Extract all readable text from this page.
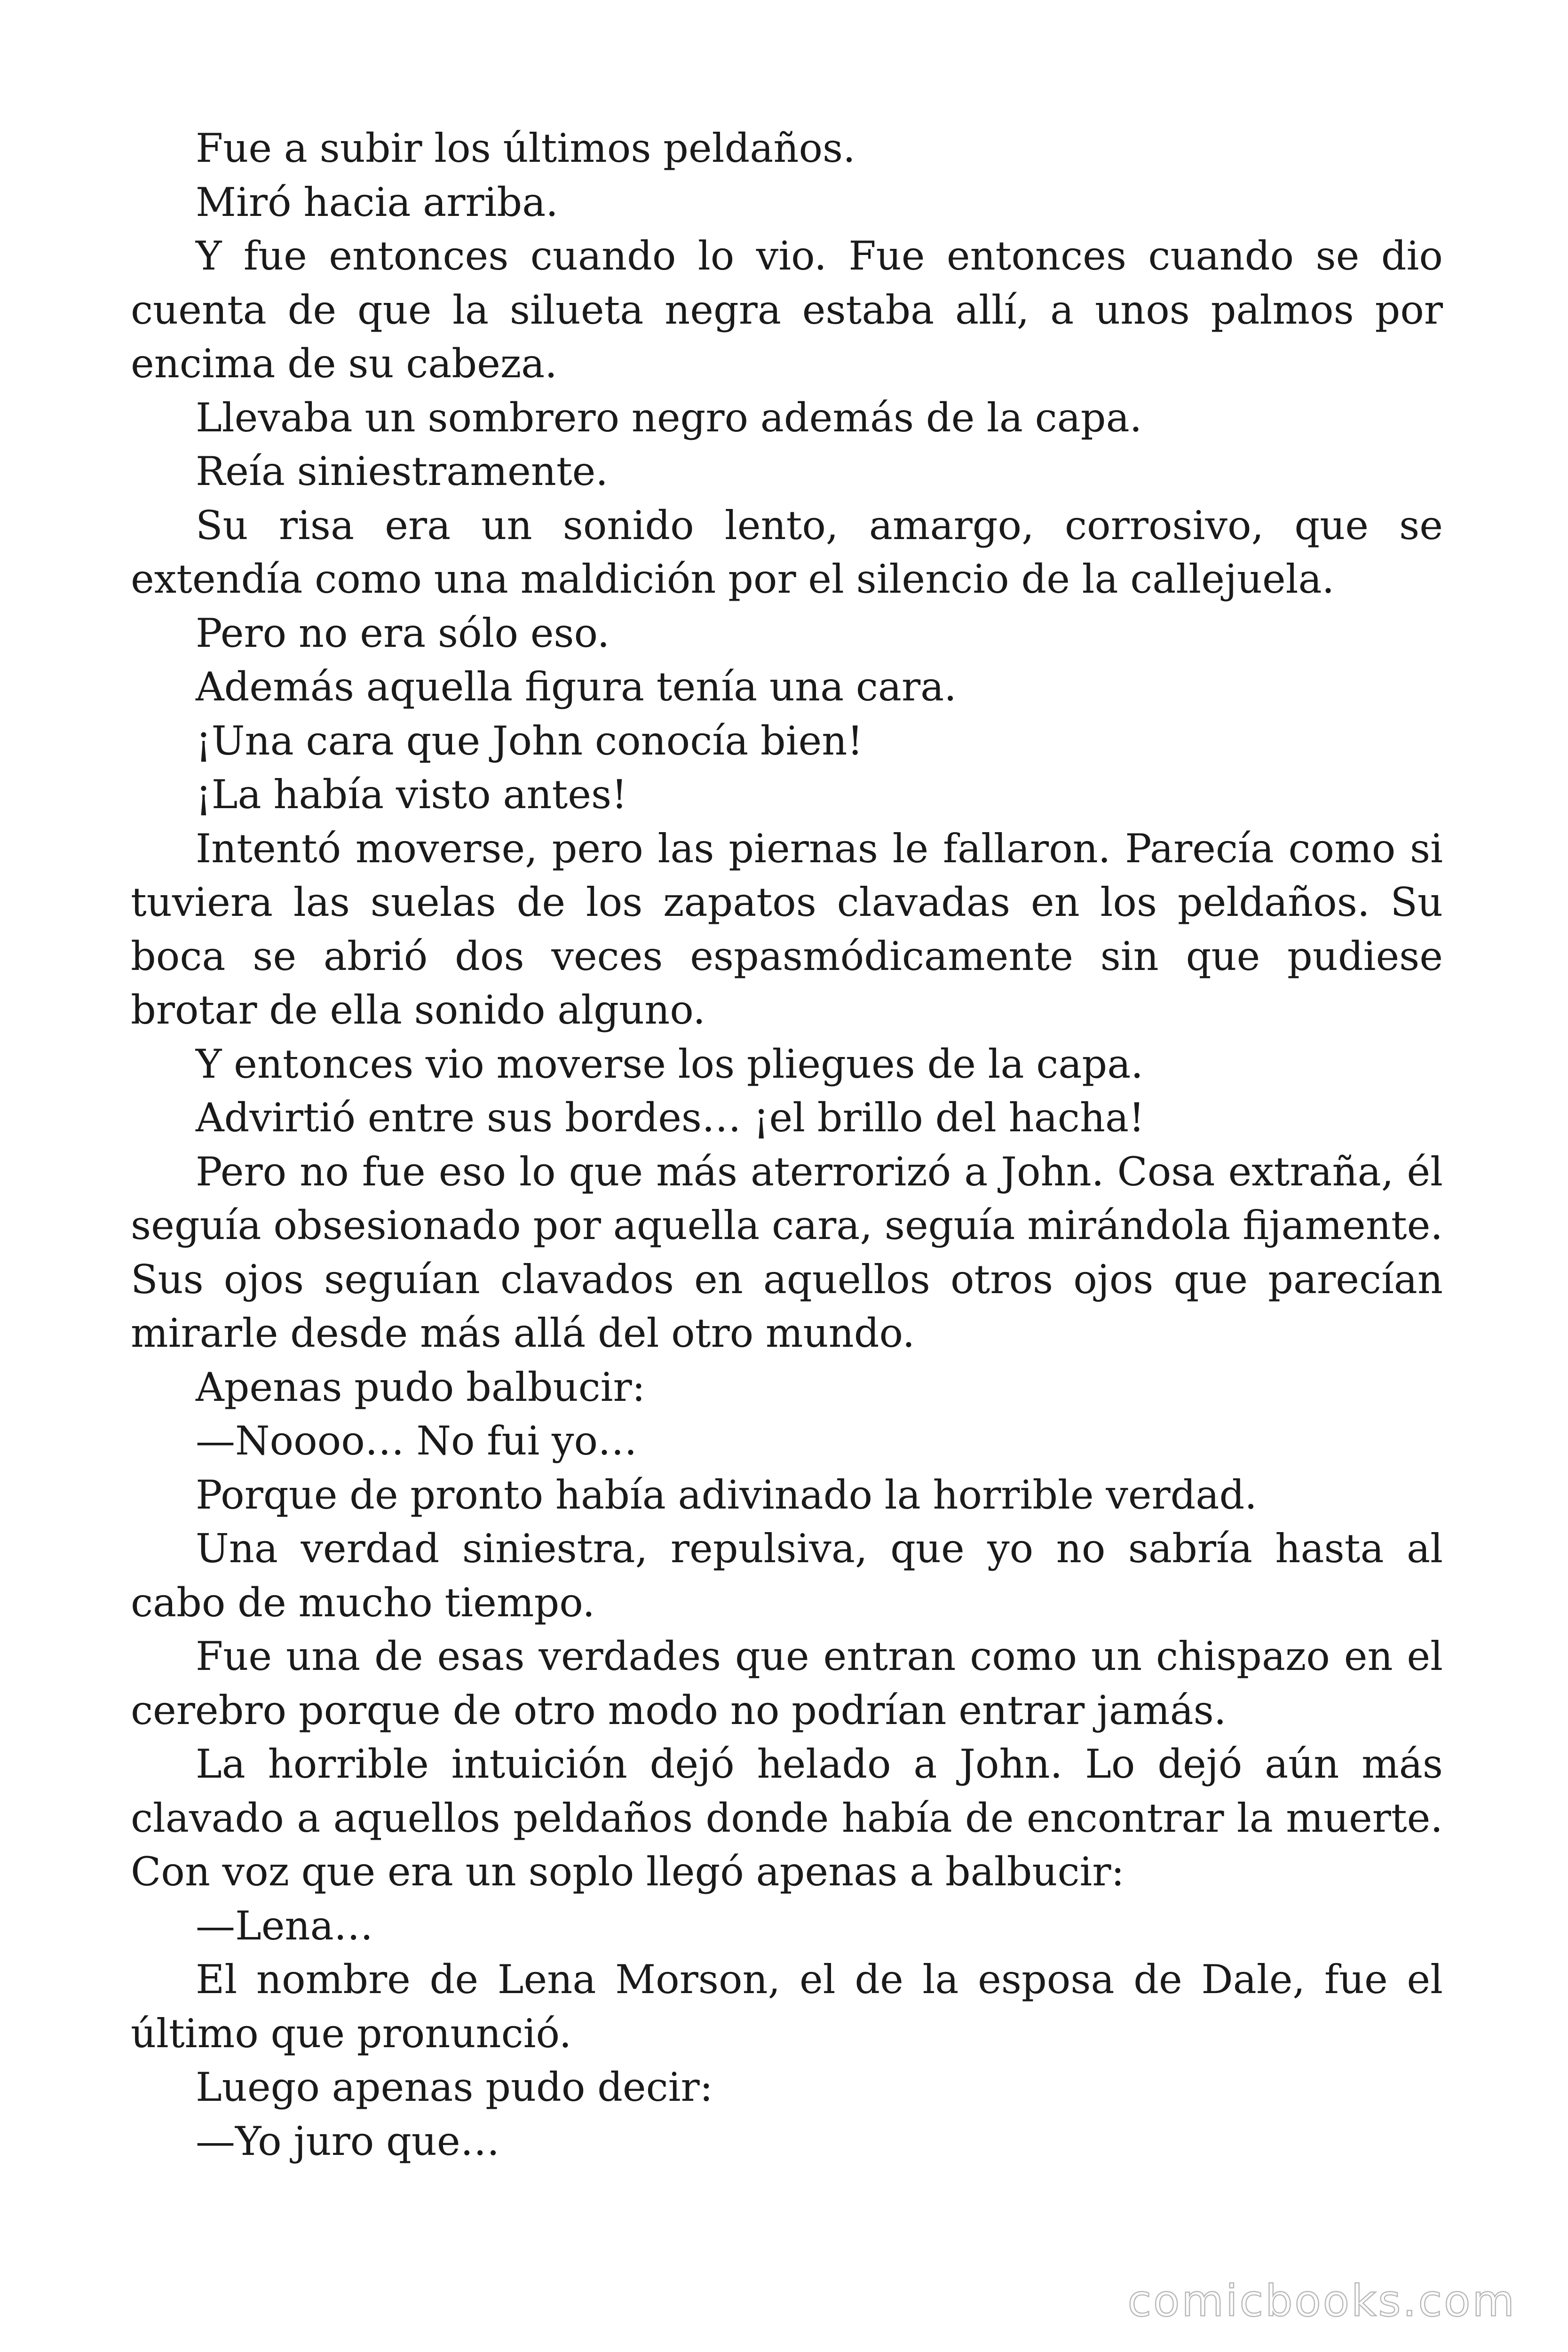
Fue a subir los últimos peldaños.

Miró hacia arriba.

Y fue entonces cuando lo vio. Fue entonces cuando se dio cuenta de que la silueta negra estaba allí, a unos palmos por encima de su cabeza.

Llevaba un sombrero negro además de la capa.

Reía siniestramente.

Su risa era un sonido lento, amargo, corrosivo, que se extendía como una maldición por el silencio de la callejuela.

Pero no era sólo eso.

Además aquella figura tenía una cara.

¡Una cara que John conocía bien!

¡La había visto antes!

Intentó moverse, pero las piernas le fallaron. Parecía como si tuviera las suelas de los zapatos clavadas en los peldaños. Su boca se abrió dos veces espasmódicamente sin que pudiese brotar de ella sonido alguno.

Y entonces vio moverse los pliegues de la capa.

Advirtió entre sus bordes… ¡el brillo del hacha!

Pero no fue eso lo que más aterrorizó a John. Cosa extraña, él seguía obsesionado por aquella cara, seguía mirándola fijamente. Sus ojos seguían clavados en aquellos otros ojos que parecían mirarle desde más allá del otro mundo.

Apenas pudo balbucir:

—Noooo… No fui yo…

Porque de pronto había adivinado la horrible verdad.

Una verdad siniestra, repulsiva, que yo no sabría hasta al cabo de mucho tiempo.

Fue una de esas verdades que entran como un chispazo en el cerebro porque de otro modo no podrían entrar jamás.

La horrible intuición dejó helado a John. Lo dejó aún más clavado a aquellos peldaños donde había de encontrar la muerte. Con voz que era un soplo llegó apenas a balbucir:

—Lena…

El nombre de Lena Morson, el de la esposa de Dale, fue el último que pronunció.

Luego apenas pudo decir:

—Yo juro que…

comicbooks.com
